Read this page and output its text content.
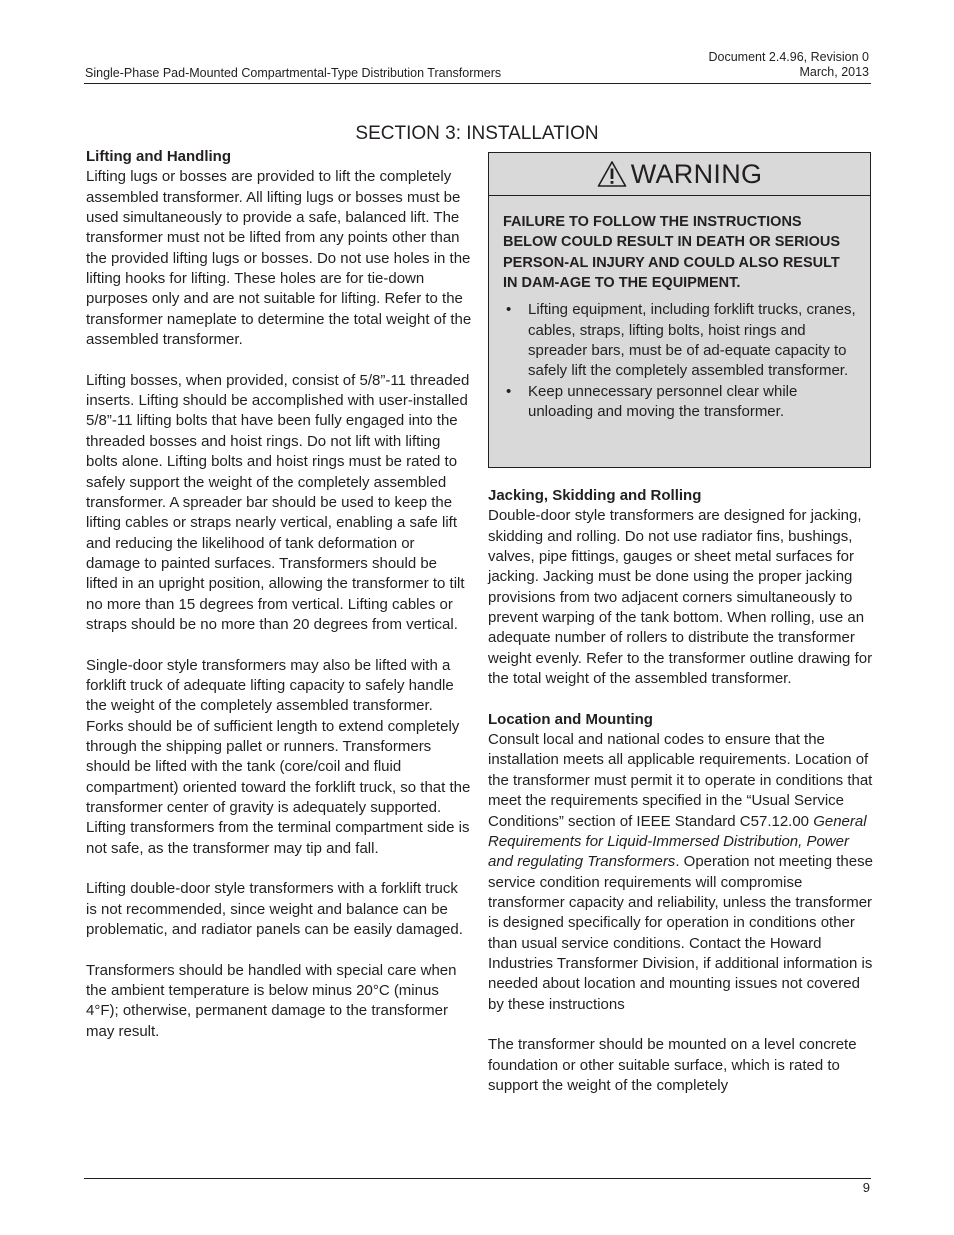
Single-Phase Pad-Mounted Compartmental-Type Distribution Transformers
Document 2.4.96, Revision 0
March, 2013
SECTION 3: INSTALLATION
Lifting and Handling

Lifting lugs or bosses are provided to lift the completely assembled transformer. All lifting lugs or bosses must be used simultaneously to provide a safe, balanced lift. The transformer must not be lifted from any points other than the provided lifting lugs or bosses. Do not use holes in the lifting hooks for lifting. These holes are for tie-down purposes only and are not suitable for lifting. Refer to the transformer nameplate to determine the total weight of the assembled transformer.

Lifting bosses, when provided, consist of 5/8”-11 threaded inserts. Lifting should be accomplished with user-installed 5/8”-11 lifting bolts that have been fully engaged into the threaded bosses and hoist rings. Do not lift with lifting bolts alone. Lifting bolts and hoist rings must be rated to safely support the weight of the completely assembled transformer. A spreader bar should be used to keep the lifting cables or straps nearly vertical, enabling a safe lift and reducing the likelihood of tank deformation or damage to painted surfaces. Transformers should be lifted in an upright position, allowing the transformer to tilt no more than 15 degrees from vertical. Lifting cables or straps should be no more than 20 degrees from vertical.

Single-door style transformers may also be lifted with a forklift truck of adequate lifting capacity to safely handle the weight of the completely assembled transformer. Forks should be of sufficient length to extend completely through the shipping pallet or runners. Transformers should be lifted with the tank (core/coil and fluid compartment) oriented toward the forklift truck, so that the transformer center of gravity is adequately supported. Lifting transformers from the terminal compartment side is not safe, as the transformer may tip and fall.

Lifting double-door style transformers with a forklift truck is not recommended, since weight and balance can be problematic, and radiator panels can be easily damaged.

Transformers should be handled with special care when the ambient temperature is below minus 20°C (minus 4°F); otherwise, permanent damage to the transformer may result.

WARNING
FAILURE TO FOLLOW THE INSTRUCTIONS BELOW COULD RESULT IN DEATH OR SERIOUS PERSON-AL INJURY AND COULD ALSO RESULT IN DAM-AGE TO THE EQUIPMENT.
• Lifting equipment, including forklift trucks, cranes, cables, straps, lifting bolts, hoist rings and spreader bars, must be of ad-equate capacity to safely lift the completely assembled transformer.
• Keep unnecessary personnel clear while unloading and moving the transformer.
Jacking, Skidding and Rolling

Double-door style transformers are designed for jacking, skidding and rolling. Do not use radiator fins, bushings, valves, pipe fittings, gauges or sheet metal surfaces for jacking. Jacking must be done using the proper jacking provisions from two adjacent corners simultaneously to prevent warping of the tank bottom. When rolling, use an adequate number of rollers to distribute the transformer weight evenly. Refer to the transformer outline drawing for the total weight of the assembled transformer.

Location and Mounting

Consult local and national codes to ensure that the installation meets all applicable requirements. Location of the transformer must permit it to operate in conditions that meet the requirements specified in the “Usual Service Conditions” section of IEEE Standard C57.12.00 General Requirements for Liquid-Immersed Distribution, Power and regulating Transformers. Operation not meeting these service condition requirements will compromise transformer capacity and reliability, unless the transformer is designed specifically for operation in conditions other than usual service conditions. Contact the Howard Industries Transformer Division, if additional information is needed about location and mounting issues not covered by these instructions

The transformer should be mounted on a level concrete foundation or other suitable surface, which is rated to support the weight of the completely

9
